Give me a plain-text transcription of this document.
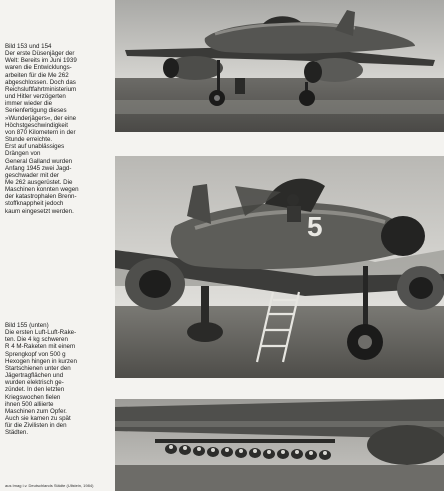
Bild 153 und 154

Der erste Düsenjäger der

Welt: Bereits im Juni 1939

waren die Entwicklungs-

arbeiten für die Me 262

abgeschlossen. Doch das

Reichsluftfahrtministerium

und Hitler verzögerten

immer wieder die

Serienfertigung dieses

»Wunderjägers«, der eine

Höchstgeschwindigkeit

von 870 Kilometern in der

Stunde erreichte.

Erst auf unablässiges

Drängen von

General Galland wurden

Anfang 1945 zwei Jagd-

geschwader mit der

Me 262 ausgerüstet. Die

Maschinen konnten wegen

der katastrophalen Brenn-

stoffknappheit jedoch

kaum eingesetzt werden.

Bild 155 (unten)

Die ersten Luft-Luft-Rake-

ten. Die 4 kg schweren

R 4 M-Raketen mit einem

Sprengkopf von 500 g

Hexogen hingen in kurzen

Startschienen unter den

Jägertragflächen und

wurden elektrisch ge-

zündet. In den letzten

Kriegswochen fielen

ihnen 500 alliierte

Maschinen zum Opfer.

Auch sie kamen zu spät

für die Zivilisten in den

Städten.

aus Imag i.v. Deutschlands Städte (Ullstein, 1984)
5
